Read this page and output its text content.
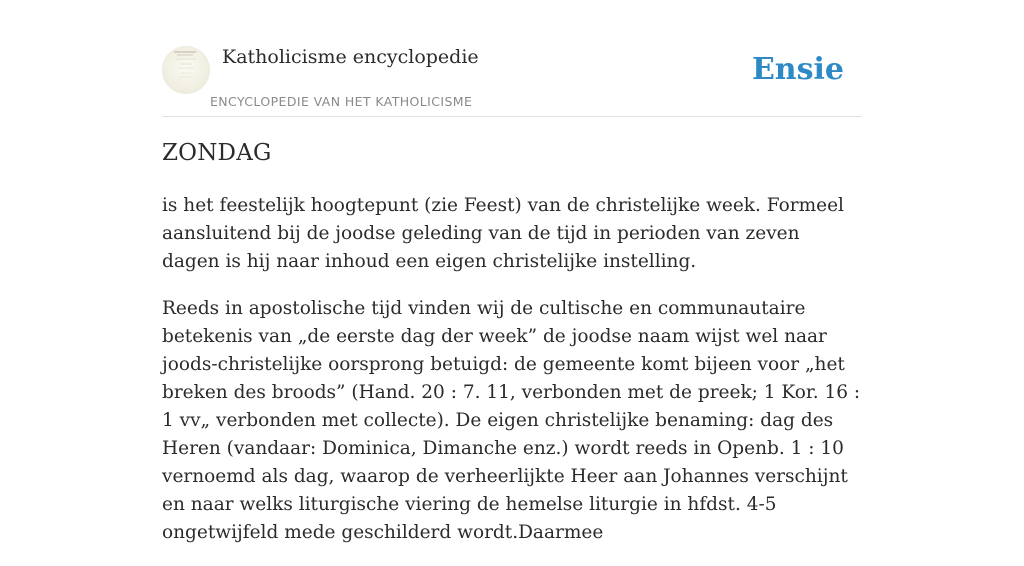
Katholicisme encyclopedie
ENCYCLOPEDIE VAN HET KATHOLICISME
Ensie
ZONDAG

is het feestelijk hoogtepunt (zie Feest) van de christelijke week. Formeel aansluitend bij de joodse geleding van de tijd in perioden van zeven dagen is hij naar inhoud een eigen christelijke instelling.

Reeds in apostolische tijd vinden wij de cultische en communautaire betekenis van „de eerste dag der week” de joodse naam wijst wel naar joods-christelijke oorsprong betuigd: de gemeente komt bijeen voor „het breken des broods” (Hand. 20 : 7. 11, verbonden met de preek; 1 Kor. 16 : 1 vv„ verbonden met collecte). De eigen christelijke benaming: dag des Heren (vandaar: Dominica, Dimanche enz.) wordt reeds in Openb. 1 : 10 vernoemd als dag, waarop de verheerlijkte Heer aan Johannes verschijnt en naar welks liturgische viering de hemelse liturgie in hfdst. 4-5 ongetwijfeld mede geschilderd wordt.Daarmee
